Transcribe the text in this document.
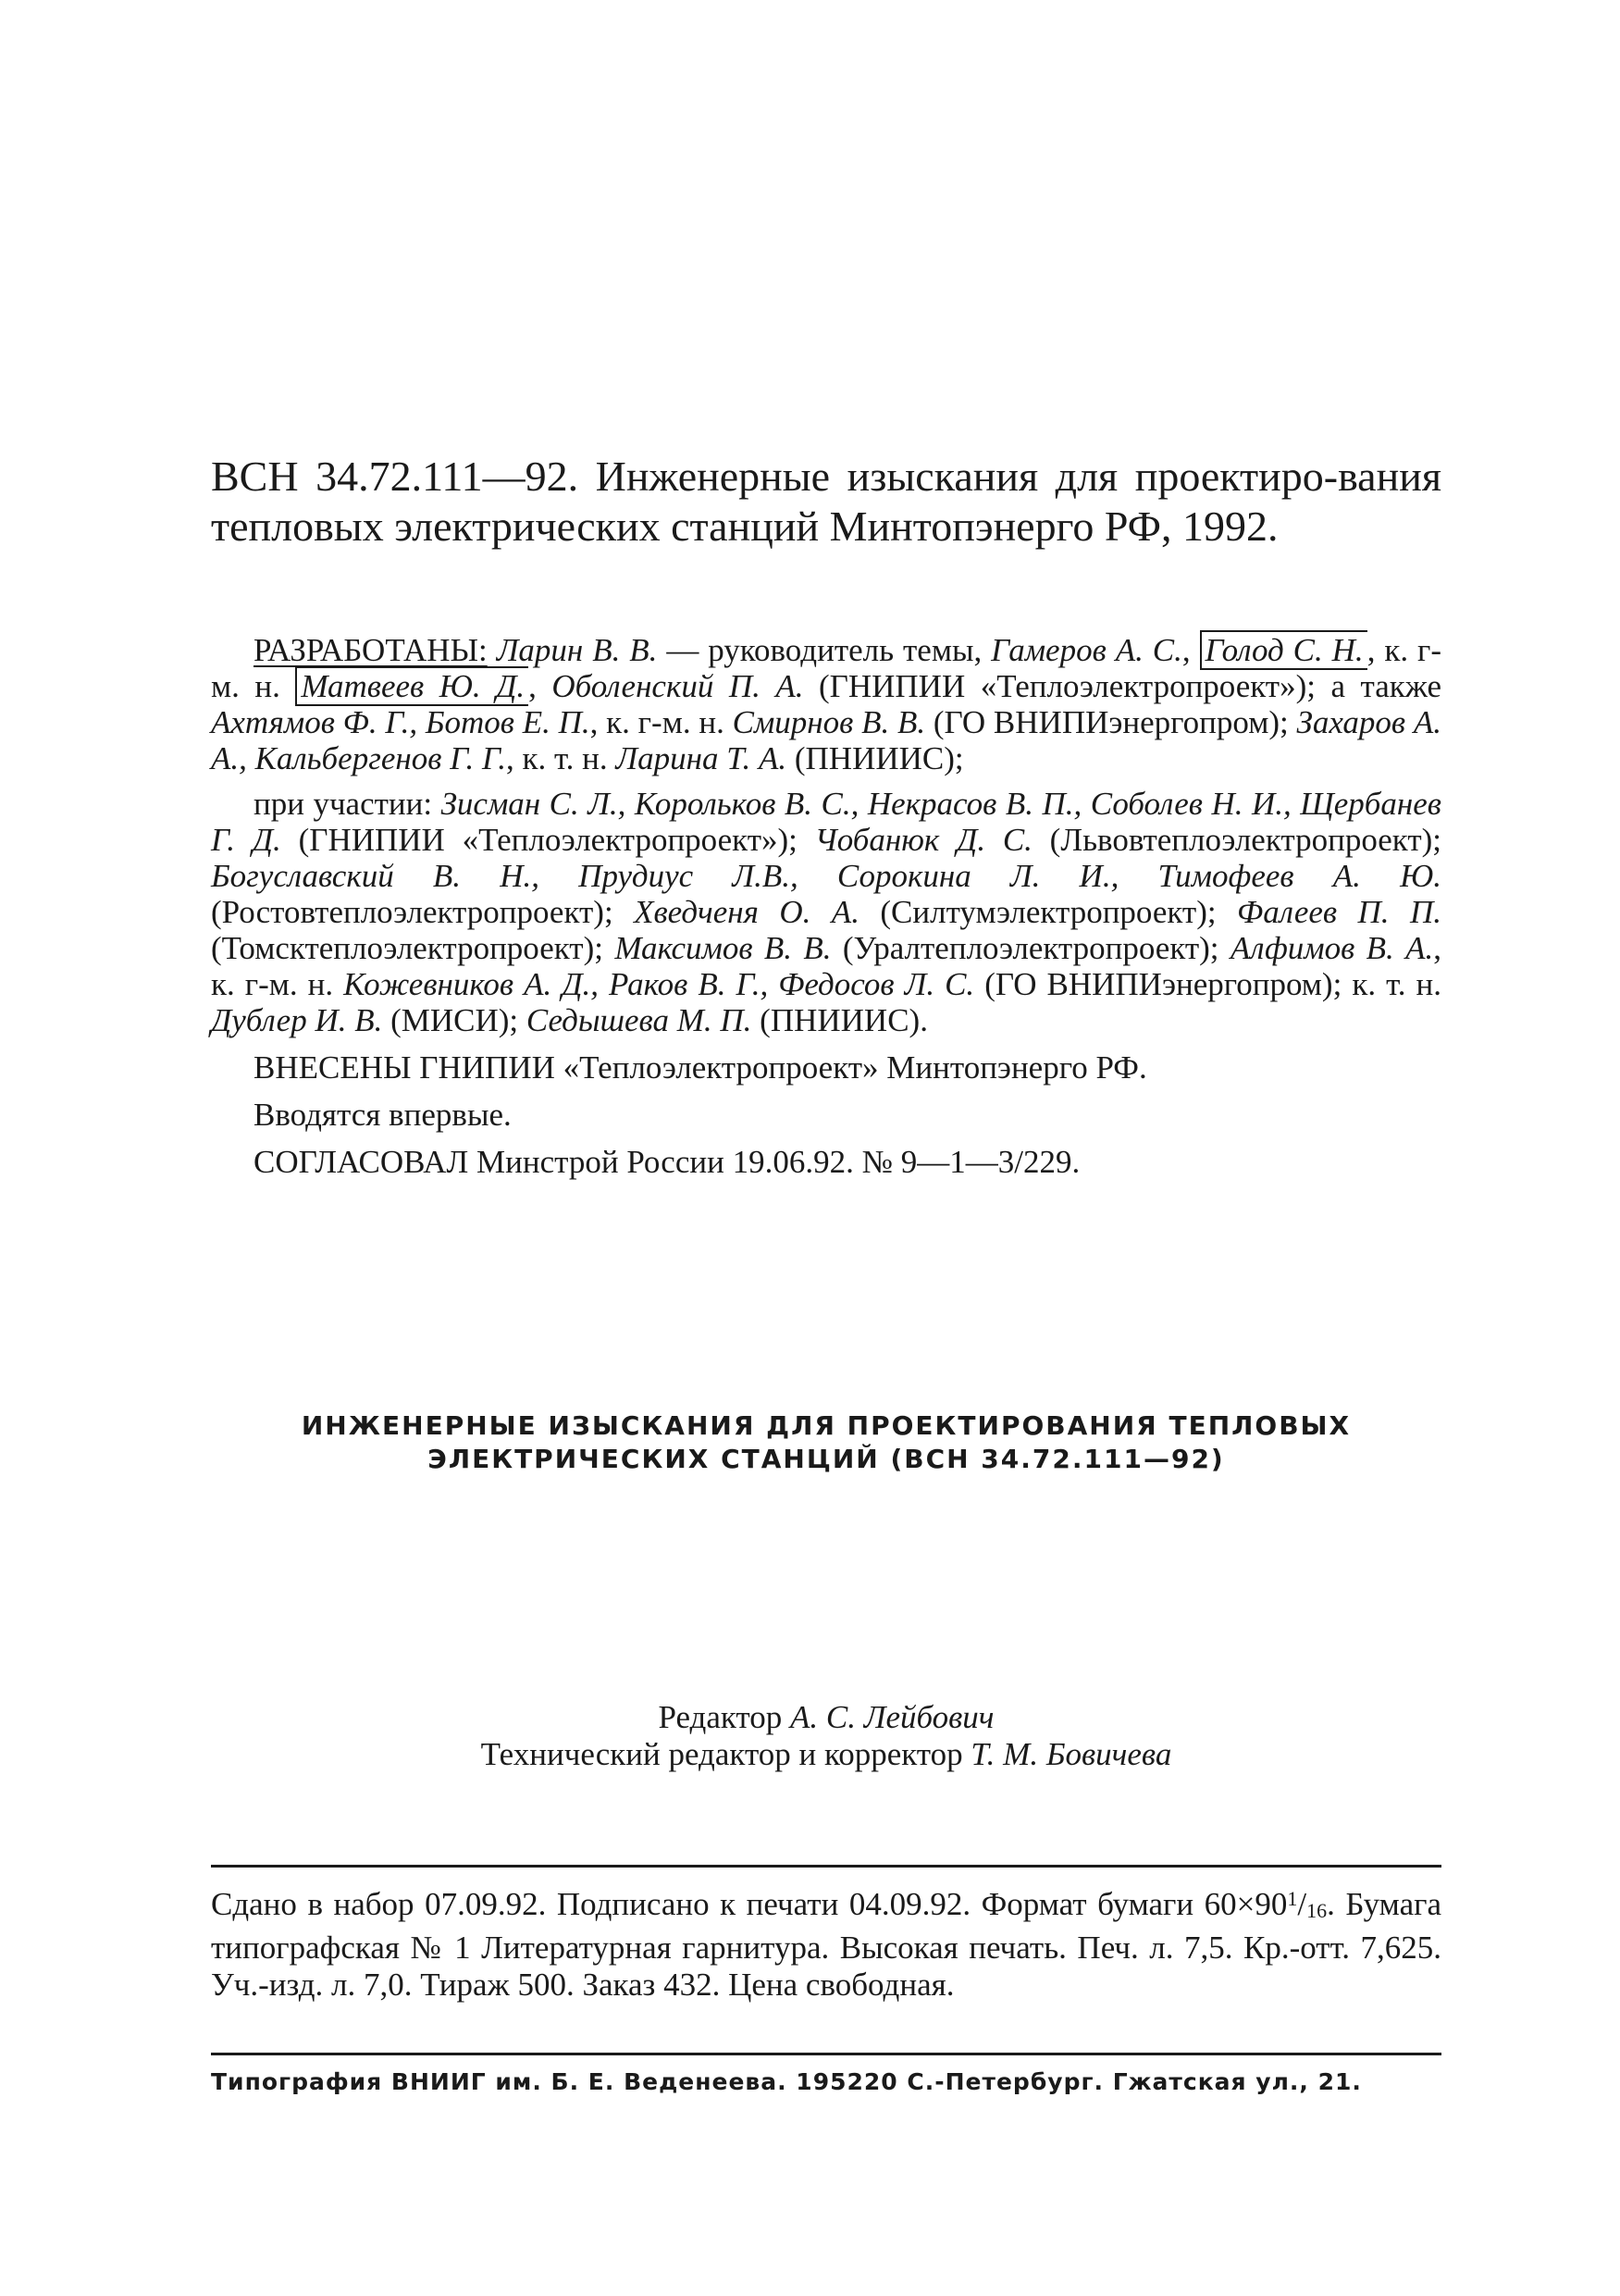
ВСН 34.72.111—92. Инженерные изыскания для проектиро-вания тепловых электрических станций Минтопэнерго РФ, 1992.

РАЗРАБОТАНЫ: Ларин В. В. — руководитель темы, Гамеров А. С., Голод С. Н. , к. г-м. н. Матвеев Ю. Д. , Оболенский П. А. (ГНИПИИ «Теплоэлектропроект»); а также Ахтямов Ф. Г., Ботов Е. П., к. г-м. н. Смирнов В. В. (ГО ВНИПИэнергопром); Захаров А. А., Кальбергенов Г. Г., к. т. н. Ларина Т. А. (ПНИИИС);

при участии: Зисман С. Л., Корольков В. С., Некрасов В. П., Соболев Н. И., Щербанев Г. Д. (ГНИПИИ «Теплоэлектропроект»); Чобанюк Д. С. (Львовтеплоэлектропроект); Богуславский В. Н., Прудиус Л.В., Сорокина Л. И., Тимофеев А. Ю. (Ростовтеплоэлектропроект); Хведченя О. А. (Силтумэлектропроект); Фалеев П. П. (Томсктеплоэлектропроект); Максимов В. В. (Уралтеплоэлектропроект); Алфимов В. А., к. г-м. н. Кожевников А. Д., Раков В. Г., Федосов Л. С. (ГО ВНИПИэнергопром); к. т. н. Дублер И. В. (МИСИ); Седышева М. П. (ПНИИИС).

ВНЕСЕНЫ ГНИПИИ «Теплоэлектропроект» Минтопэнерго РФ.

Вводятся впервые.

СОГЛАСОВАЛ Минстрой России 19.06.92. № 9—1—3/229.

ИНЖЕНЕРНЫЕ ИЗЫСКАНИЯ ДЛЯ ПРОЕКТИРОВАНИЯ ТЕПЛОВЫХ
ЭЛЕКТРИЧЕСКИХ СТАНЦИЙ (ВСН 34.72.111—92)
Редактор А. С. Лейбович
Технический редактор и корректор Т. М. Бовичева
Сдано в набор 07.09.92. Подписано к печати 04.09.92. Формат бумаги $60\times 90^1/16$. Бумага типографская № 1 Литературная гарнитура. Высокая печать. Печ. л. 7,5. Кр.-отт. 7,625. Уч.-изд. л. 7,0. Тираж 500. Заказ 432. Цена свободная.
Типография ВНИИГ им. Б. Е. Веденеева. 195220 С.-Петербург. Гжатская ул., 21.
